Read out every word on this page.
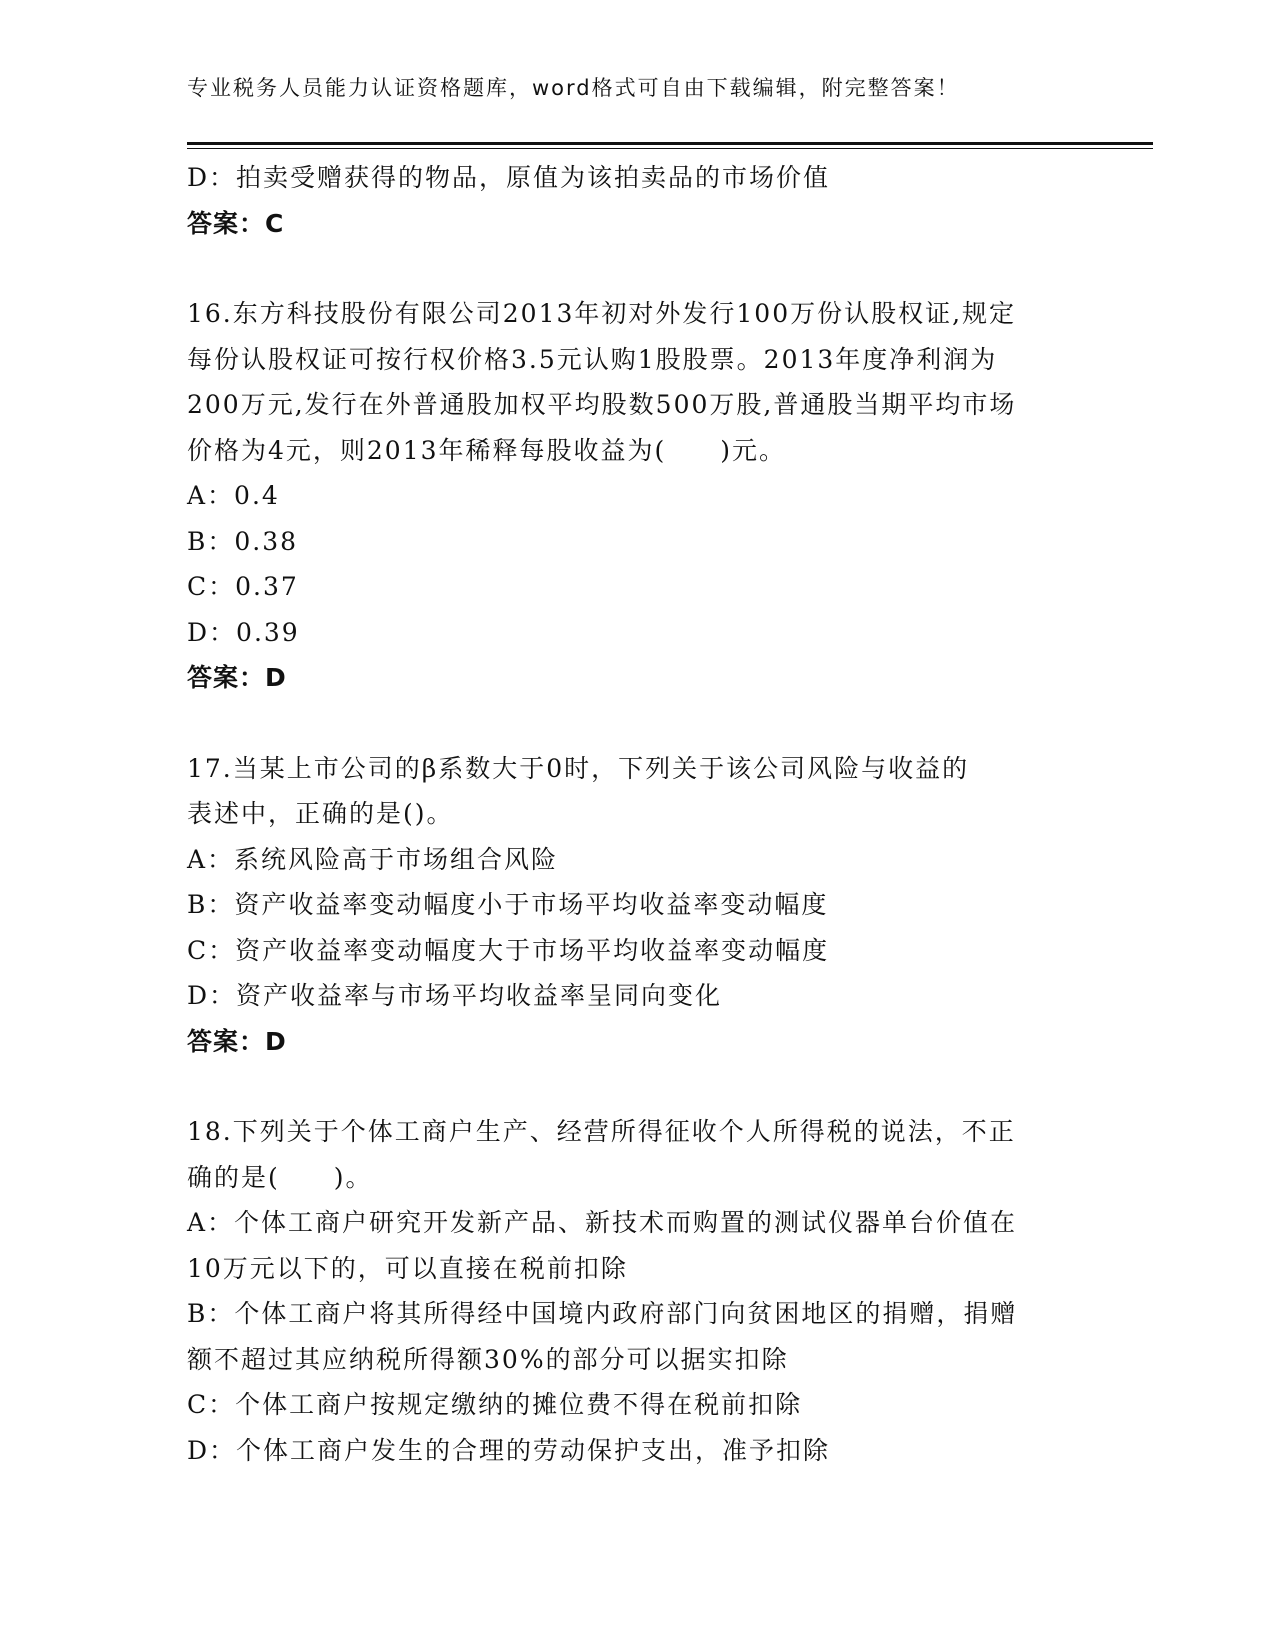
专业税务人员能力认证资格题库，word格式可自由下载编辑，附完整答案！
D：拍卖受赠获得的物品，原值为该拍卖品的市场价值
答案：C
16.东方科技股份有限公司2013年初对外发行100万份认股权证,规定
每份认股权证可按行权价格3.5元认购1股股票。2013年度净利润为
200万元,发行在外普通股加权平均股数500万股,普通股当期平均市场
价格为4元，则2013年稀释每股收益为(　　)元。
A：0.4
B：0.38
C：0.37
D：0.39
答案：D
17.当某上市公司的β系数大于0时，下列关于该公司风险与收益的
表述中，正确的是()。
A：系统风险高于市场组合风险
B：资产收益率变动幅度小于市场平均收益率变动幅度
C：资产收益率变动幅度大于市场平均收益率变动幅度
D：资产收益率与市场平均收益率呈同向变化
答案：D
18.下列关于个体工商户生产、经营所得征收个人所得税的说法，不正
确的是(　　)。
A：个体工商户研究开发新产品、新技术而购置的测试仪器单台价值在
10万元以下的，可以直接在税前扣除
B：个体工商户将其所得经中国境内政府部门向贫困地区的捐赠，捐赠
额不超过其应纳税所得额30%的部分可以据实扣除
C：个体工商户按规定缴纳的摊位费不得在税前扣除
D：个体工商户发生的合理的劳动保护支出，准予扣除
